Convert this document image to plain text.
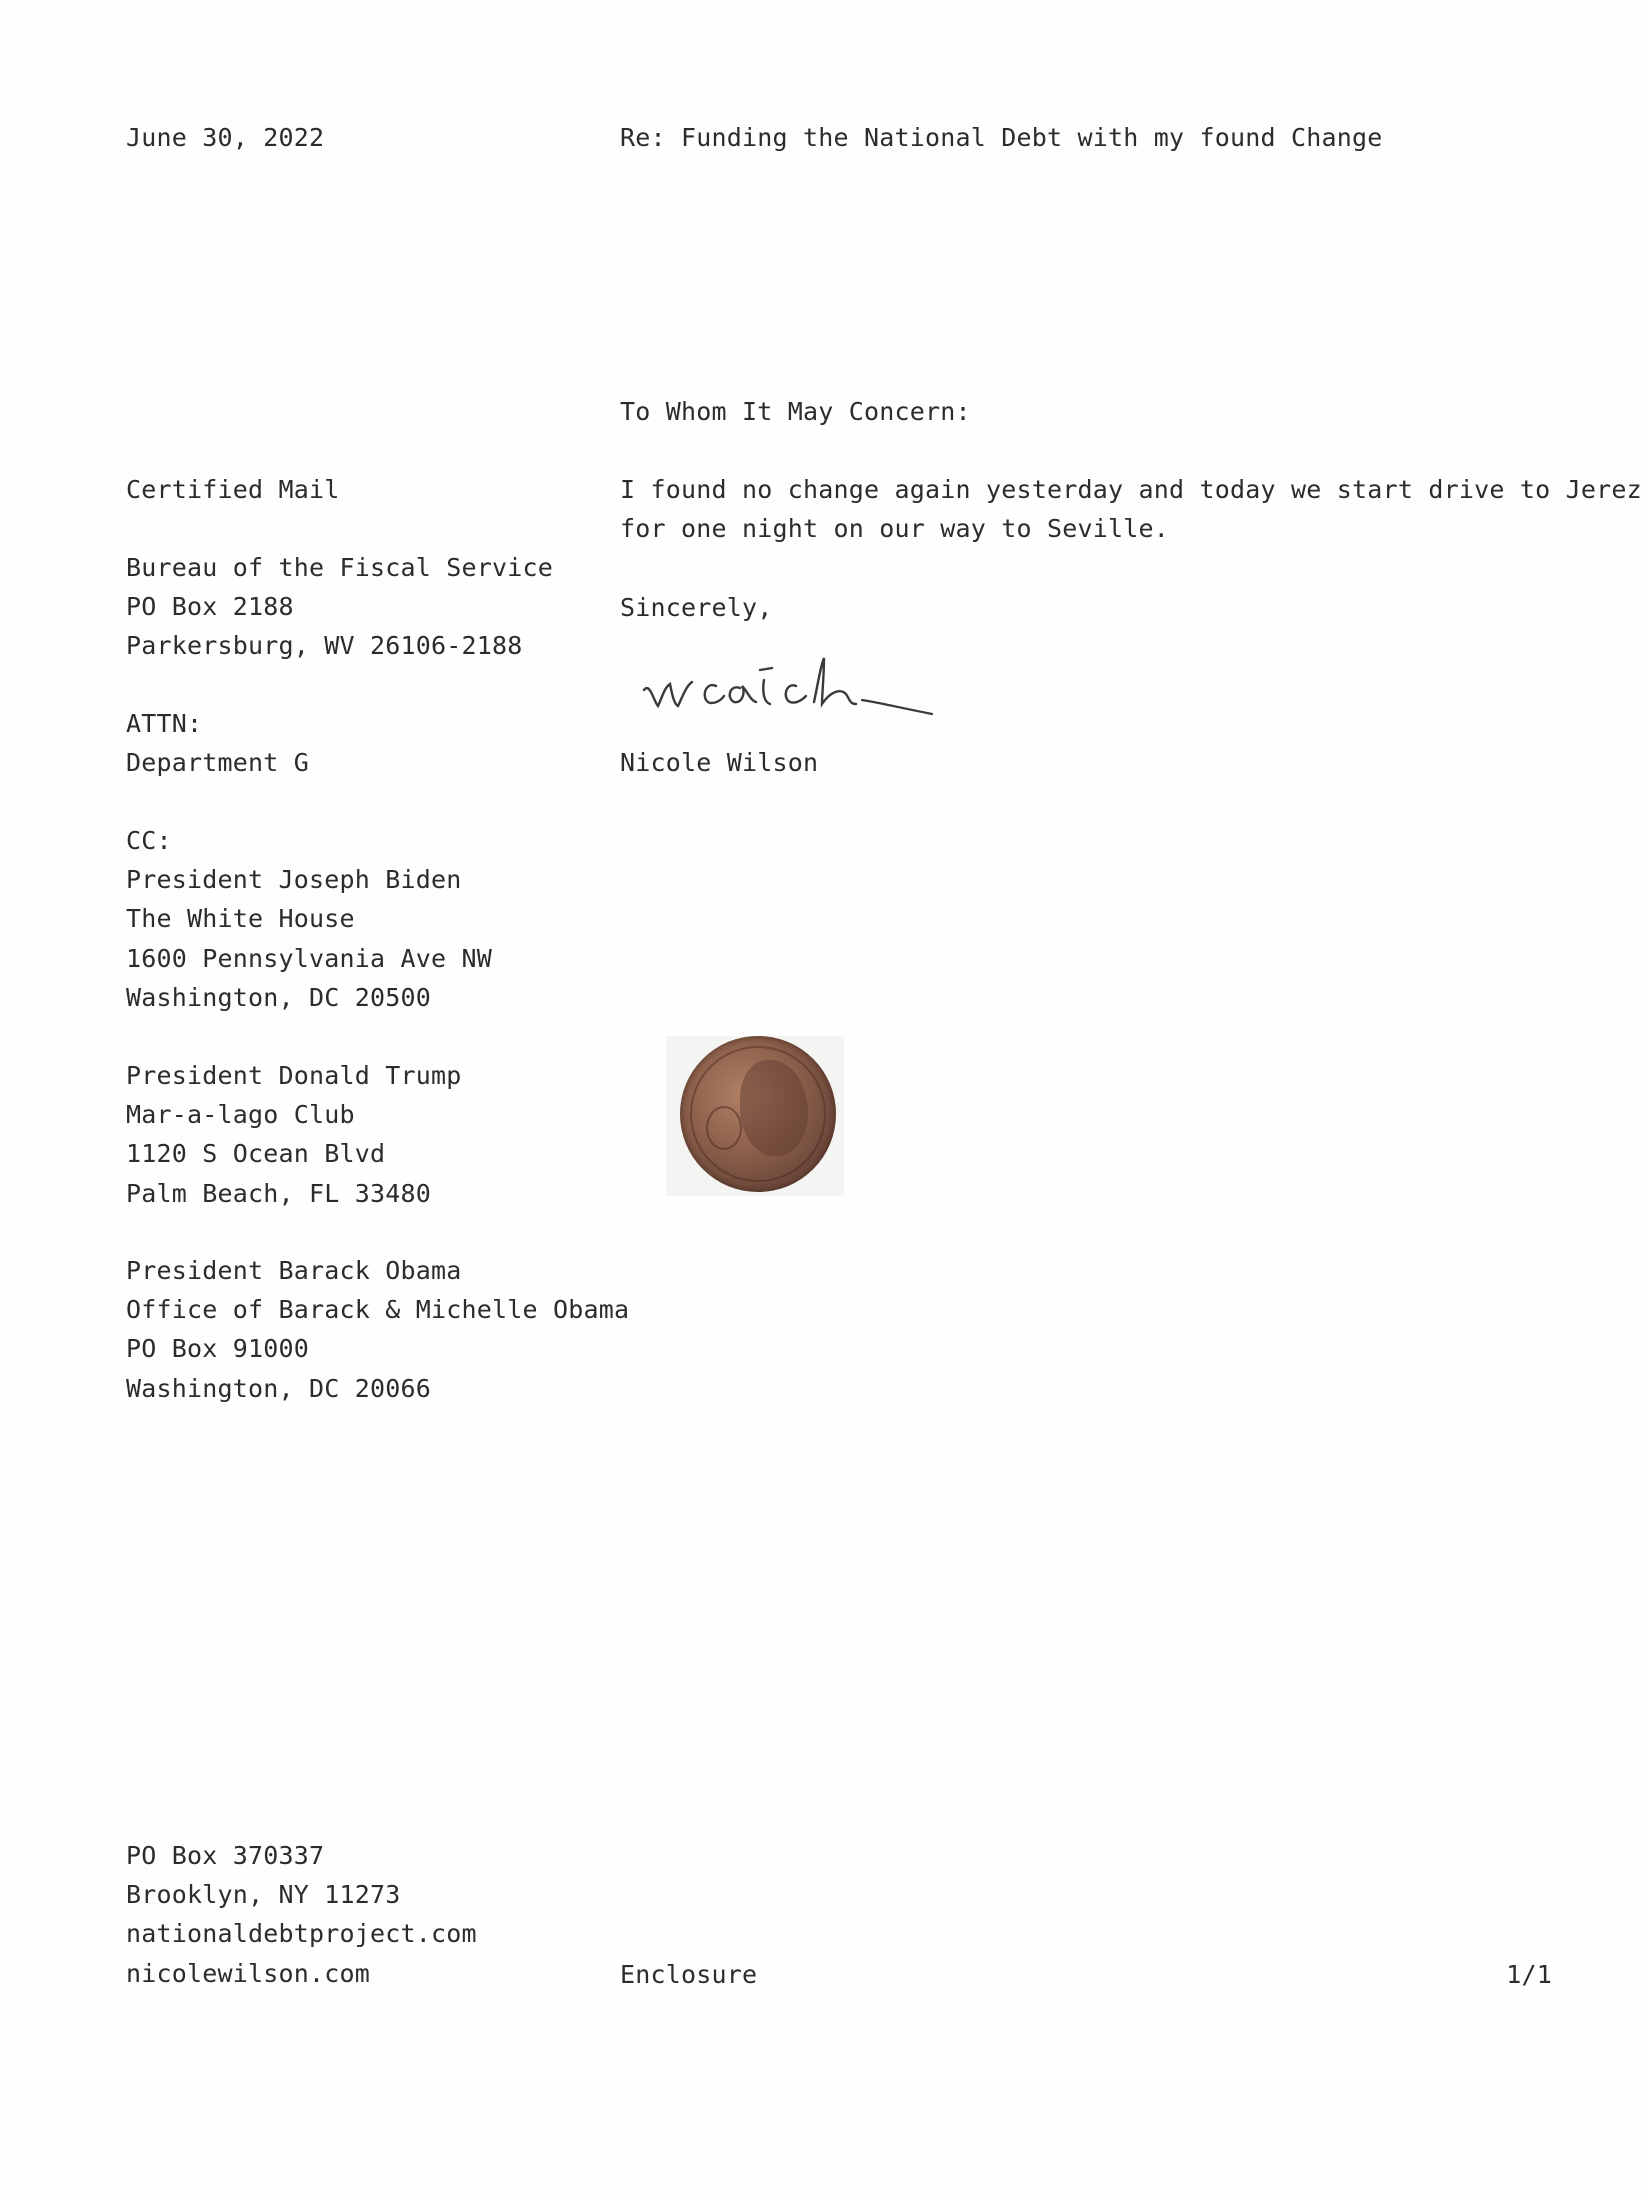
June 30, 2022	Re: Funding the National Debt with my found Change
To Whom It May Concern:
Certified Mail	I found no change again yesterday and today we start drive to Jerez
for one night on our way to Seville.
Bureau of the Fiscal Service
PO Box 2188
Parkersburg, WV 26106-2188
Sincerely,
ATTN:
Department G	Nicole Wilson
CC:
President Joseph Biden
The White House
1600 Pennsylvania Ave NW
Washington, DC 20500
President Donald Trump
Mar-a-lago Club
1120 S Ocean Blvd
Palm Beach, FL 33480
President Barack Obama
Office of Barack & Michelle Obama
PO Box 91000
Washington, DC 20066
PO Box 370337
Brooklyn, NY 11273
nationaldebtproject.com
nicolewilson.com	Enclosure	1/1
